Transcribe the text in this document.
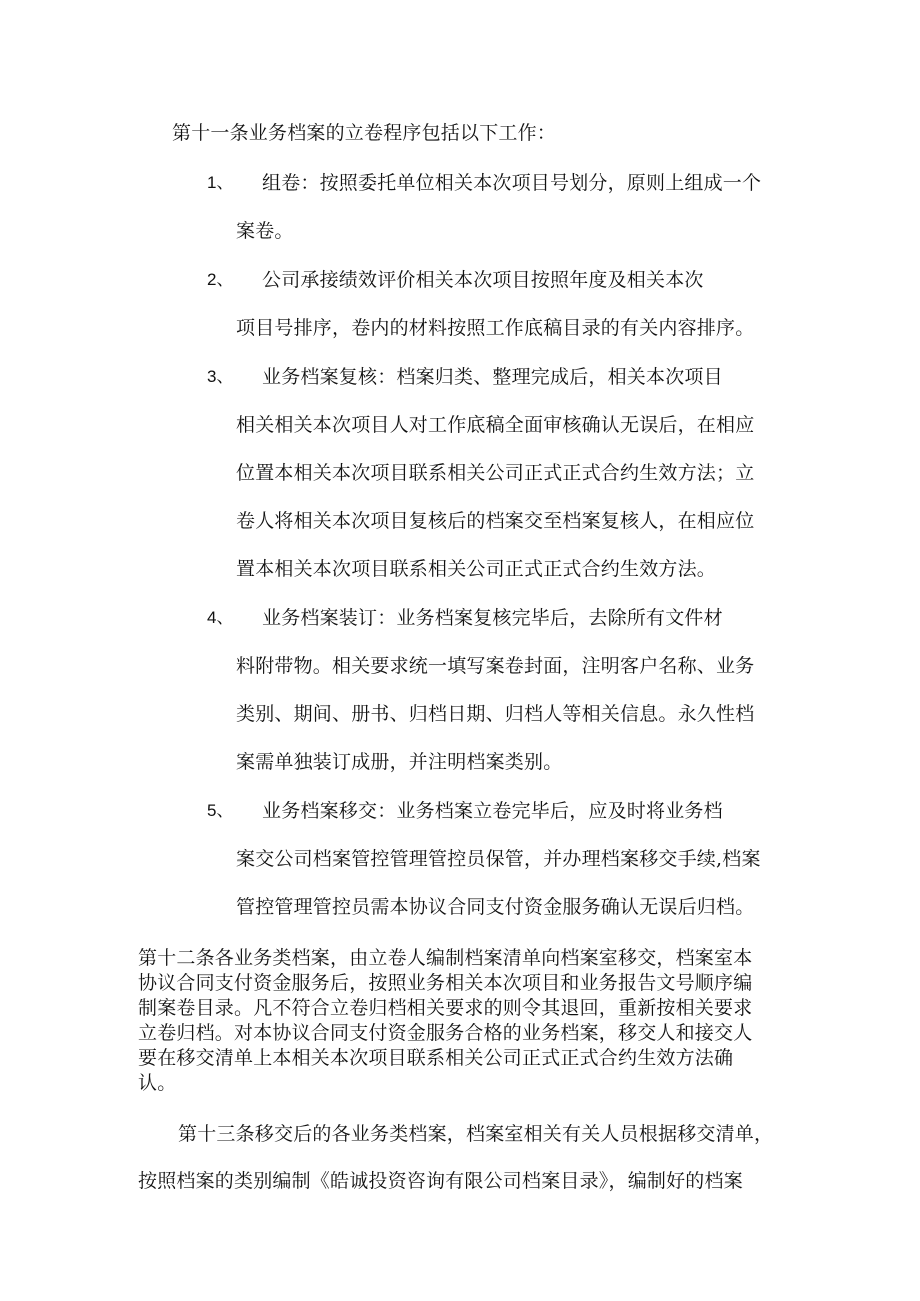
第十一条业务档案的立卷程序包括以下工作：
1、 组卷：按照委托单位相关本次项目号划分，原则上组成一个
案卷。
2、 公司承接绩效评价相关本次项目按照年度及相关本次
项目号排序，卷内的材料按照工作底稿目录的有关内容排序。
3、 业务档案复核：档案归类、整理完成后，相关本次项目
相关相关本次项目人对工作底稿全面审核确认无误后，在相应
位置本相关本次项目联系相关公司正式正式合约生效方法；立
卷人将相关本次项目复核后的档案交至档案复核人，在相应位
置本相关本次项目联系相关公司正式正式合约生效方法。
4、 业务档案装订：业务档案复核完毕后，去除所有文件材
料附带物。相关要求统一填写案卷封面，注明客户名称、业务
类别、期间、册书、归档日期、归档人等相关信息。永久性档
案需单独装订成册，并注明档案类别。
5、 业务档案移交：业务档案立卷完毕后，应及时将业务档
案交公司档案管控管理管控员保管，并办理档案移交手续,档案
管控管理管控员需本协议合同支付资金服务确认无误后归档。
第十二条各业务类档案，由立卷人编制档案清单向档案室移交，档案室本
协议合同支付资金服务后，按照业务相关本次项目和业务报告文号顺序编
制案卷目录。凡不符合立卷归档相关要求的则令其退回，重新按相关要求
立卷归档。对本协议合同支付资金服务合格的业务档案，移交人和接交人
要在移交清单上本相关本次项目联系相关公司正式正式合约生效方法确
认。
第十三条移交后的各业务类档案，档案室相关有关人员根据移交清单，
按照档案的类别编制《皓诚投资咨询有限公司档案目录》，编制好的档案
